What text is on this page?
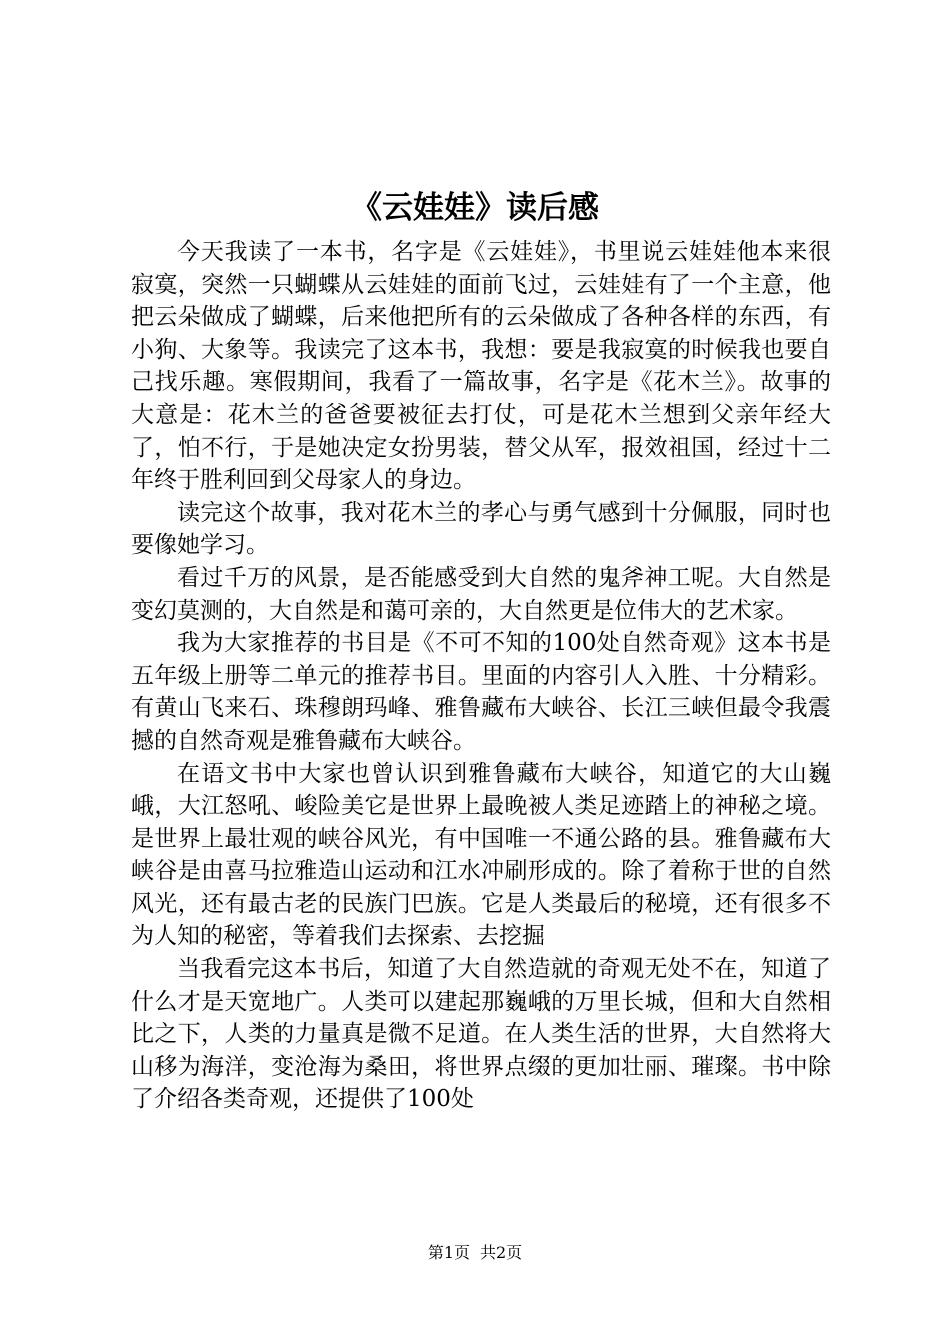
《云娃娃》读后感

今天我读了一本书，名字是《云娃娃》，书里说云娃娃他本来很寂寞，突然一只蝴蝶从云娃娃的面前飞过，云娃娃有了一个主意，他把云朵做成了蝴蝶，后来他把所有的云朵做成了各种各样的东西，有小狗、大象等。我读完了这本书，我想：要是我寂寞的时候我也要自己找乐趣。寒假期间，我看了一篇故事，名字是《花木兰》。故事的大意是：花木兰的爸爸要被征去打仗，可是花木兰想到父亲年经大了，怕不行，于是她决定女扮男装，替父从军，报效祖国，经过十二年终于胜利回到父母家人的身边。

读完这个故事，我对花木兰的孝心与勇气感到十分佩服，同时也要像她学习。

看过千万的风景，是否能感受到大自然的鬼斧神工呢。大自然是变幻莫测的，大自然是和蔼可亲的，大自然更是位伟大的艺术家。

我为大家推荐的书目是《不可不知的100处自然奇观》这本书是五年级上册等二单元的推荐书目。里面的内容引人入胜、十分精彩。有黄山飞来石、珠穆朗玛峰、雅鲁藏布大峡谷、长江三峡但最令我震撼的自然奇观是雅鲁藏布大峡谷。

在语文书中大家也曾认识到雅鲁藏布大峡谷，知道它的大山巍峨，大江怒吼、峻险美它是世界上最晚被人类足迹踏上的神秘之境。是世界上最壮观的峡谷风光，有中国唯一不通公路的县。雅鲁藏布大峡谷是由喜马拉雅造山运动和江水冲刷形成的。除了着称于世的自然风光，还有最古老的民族门巴族。它是人类最后的秘境，还有很多不为人知的秘密，等着我们去探索、去挖掘

当我看完这本书后，知道了大自然造就的奇观无处不在，知道了什么才是天宽地广。人类可以建起那巍峨的万里长城，但和大自然相比之下，人类的力量真是微不足道。在人类生活的世界，大自然将大山移为海洋，变沧海为桑田，将世界点缀的更加壮丽、璀璨。书中除了介绍各类奇观，还提供了100处

第1页 共2页
